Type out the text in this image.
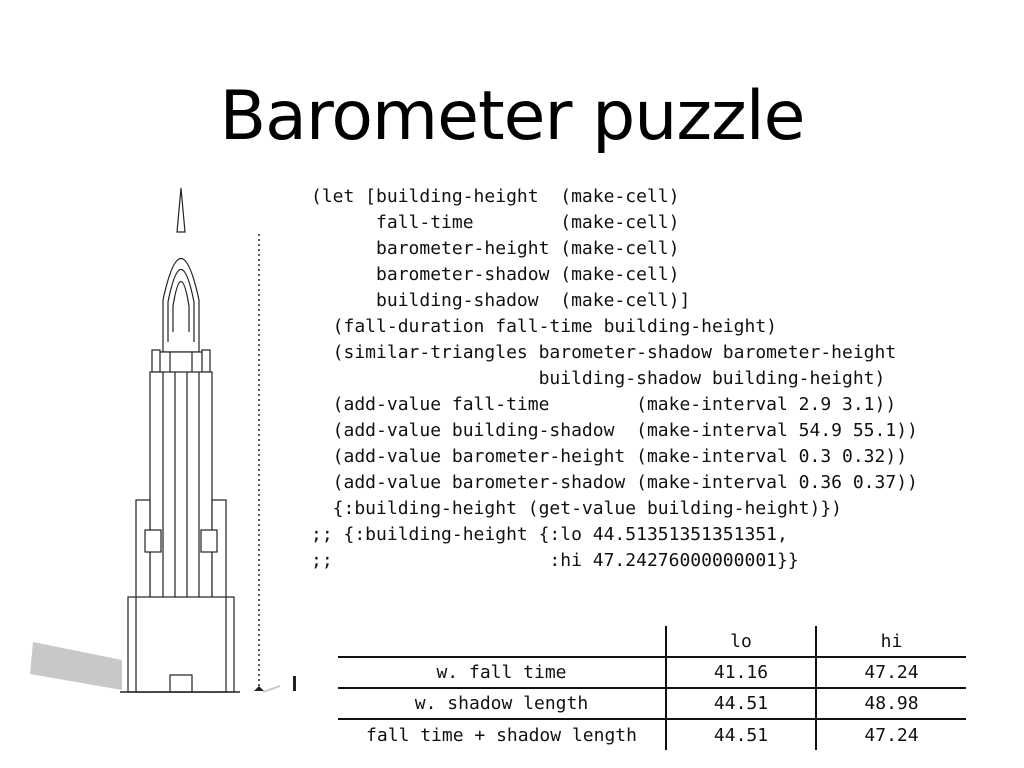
Barometer puzzle
(let [building-height  (make-cell)
fall-time        (make-cell)
barometer-height (make-cell)
barometer-shadow (make-cell)
building-shadow  (make-cell)]
(fall-duration fall-time building-height)
(similar-triangles barometer-shadow barometer-height
building-shadow building-height)
(add-value fall-time        (make-interval 2.9 3.1))
(add-value building-shadow  (make-interval 54.9 55.1))
(add-value barometer-height (make-interval 0.3 0.32))
(add-value barometer-shadow (make-interval 0.36 0.37))
{:building-height (get-value building-height)})
;; {:building-height {:lo 44.51351351351351,
;;                    :hi 47.24276000000001}}
	lo	hi
w. fall time	41.16	47.24
w. shadow length	44.51	48.98
fall time + shadow length	44.51	47.24
